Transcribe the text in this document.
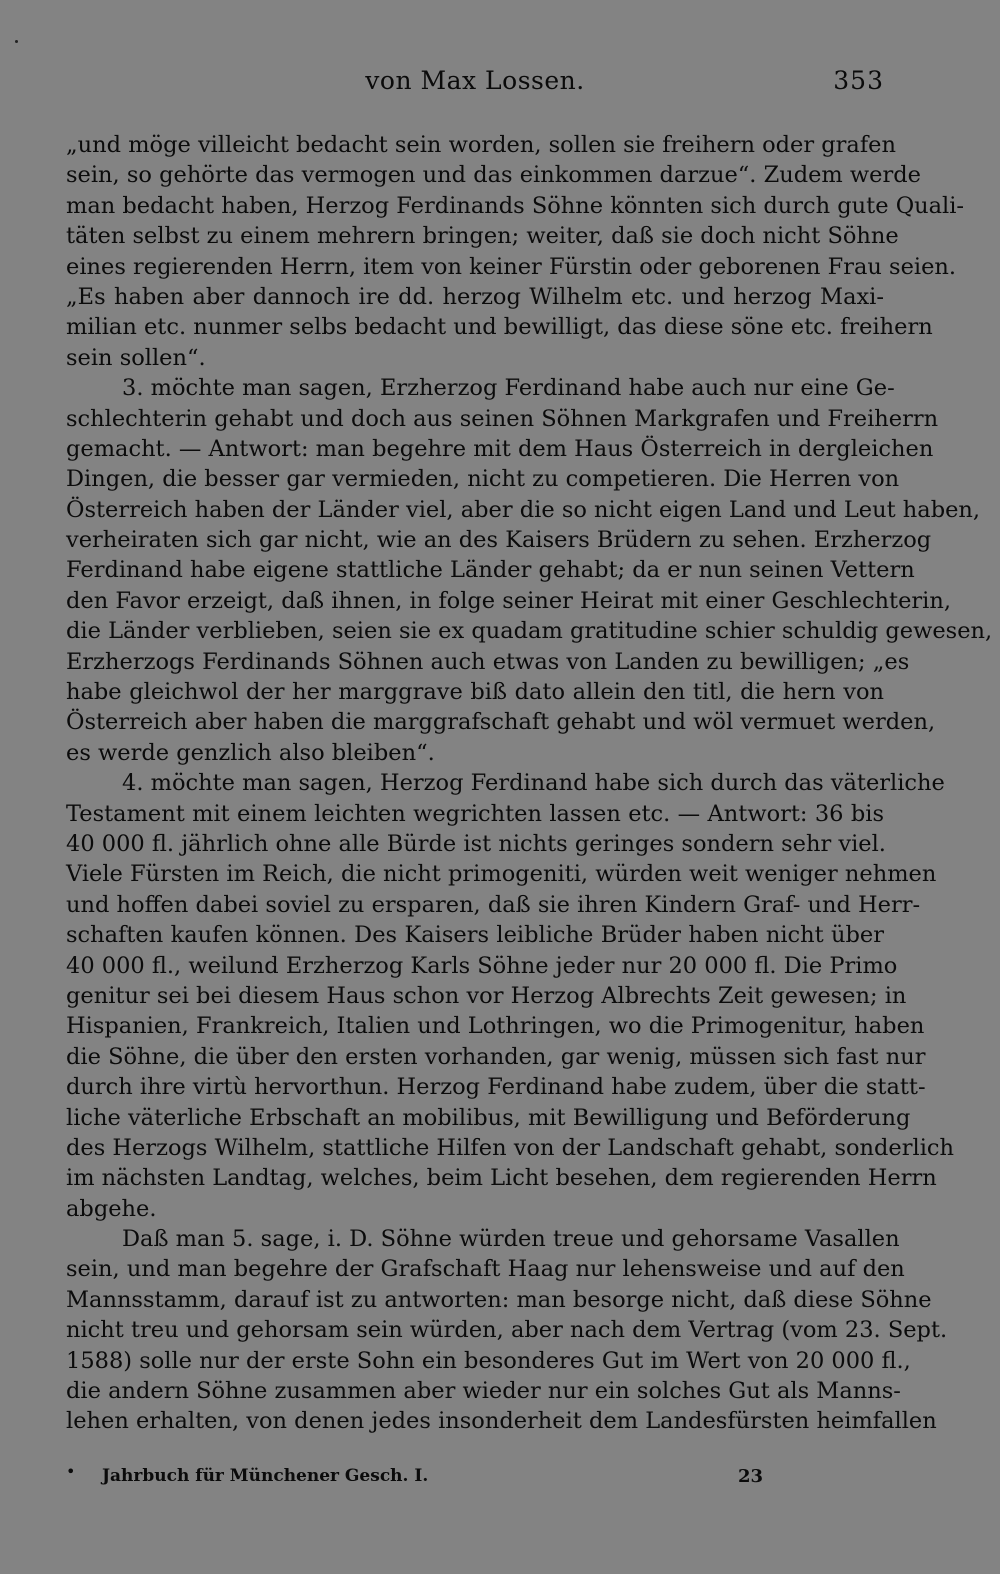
von Max Lossen.	353
„und möge villeicht bedacht sein worden, sollen sie freihern oder grafen
sein, so gehörte das vermogen und das einkommen darzue“. Zudem werde
man bedacht haben, Herzog Ferdinands Söhne könnten sich durch gute Quali-
täten selbst zu einem mehrern bringen; weiter, daß sie doch nicht Söhne
eines regierenden Herrn, item von keiner Fürstin oder geborenen Frau seien.
„Es haben aber dannoch ire dd. herzog Wilhelm etc. und herzog Maxi-
milian etc. nunmer selbs bedacht und bewilligt, das diese söne etc. freihern
sein sollen“.
3. möchte man sagen, Erzherzog Ferdinand habe auch nur eine Ge-
schlechterin gehabt und doch aus seinen Söhnen Markgrafen und Freiherrn
gemacht. — Antwort: man begehre mit dem Haus Österreich in dergleichen
Dingen, die besser gar vermieden, nicht zu competieren. Die Herren von
Österreich haben der Länder viel, aber die so nicht eigen Land und Leut haben,
verheiraten sich gar nicht, wie an des Kaisers Brüdern zu sehen. Erzherzog
Ferdinand habe eigene stattliche Länder gehabt; da er nun seinen Vettern
den Favor erzeigt, daß ihnen, in folge seiner Heirat mit einer Geschlechterin,
die Länder verblieben, seien sie ex quadam gratitudine schier schuldig gewesen,
Erzherzogs Ferdinands Söhnen auch etwas von Landen zu bewilligen; „es
habe gleichwol der her marggrave biß dato allein den titl, die hern von
Österreich aber haben die marggrafschaft gehabt und wöl vermuet werden,
es werde genzlich also bleiben“.
4. möchte man sagen, Herzog Ferdinand habe sich durch das väterliche
Testament mit einem leichten wegrichten lassen etc. — Antwort: 36 bis
40 000 fl. jährlich ohne alle Bürde ist nichts geringes sondern sehr viel.
Viele Fürsten im Reich, die nicht primogeniti, würden weit weniger nehmen
und hoffen dabei soviel zu ersparen, daß sie ihren Kindern Graf- und Herr-
schaften kaufen können. Des Kaisers leibliche Brüder haben nicht über
40 000 fl., weilund Erzherzog Karls Söhne jeder nur 20 000 fl. Die Primo
genitur sei bei diesem Haus schon vor Herzog Albrechts Zeit gewesen; in
Hispanien, Frankreich, Italien und Lothringen, wo die Primogenitur, haben
die Söhne, die über den ersten vorhanden, gar wenig, müssen sich fast nur
durch ihre virtù hervorthun. Herzog Ferdinand habe zudem, über die statt-
liche väterliche Erbschaft an mobilibus, mit Bewilligung und Beförderung
des Herzogs Wilhelm, stattliche Hilfen von der Landschaft gehabt, sonderlich
im nächsten Landtag, welches, beim Licht besehen, dem regierenden Herrn
abgehe.
Daß man 5. sage, i. D. Söhne würden treue und gehorsame Vasallen
sein, und man begehre der Grafschaft Haag nur lehensweise und auf den
Mannsstamm, darauf ist zu antworten: man besorge nicht, daß diese Söhne
nicht treu und gehorsam sein würden, aber nach dem Vertrag (vom 23. Sept.
1588) solle nur der erste Sohn ein besonderes Gut im Wert von 20 000 fl.,
die andern Söhne zusammen aber wieder nur ein solches Gut als Manns-
lehen erhalten, von denen jedes insonderheit dem Landesfürsten heimfallen
• Jahrbuch für Münchener Gesch. I.	23
